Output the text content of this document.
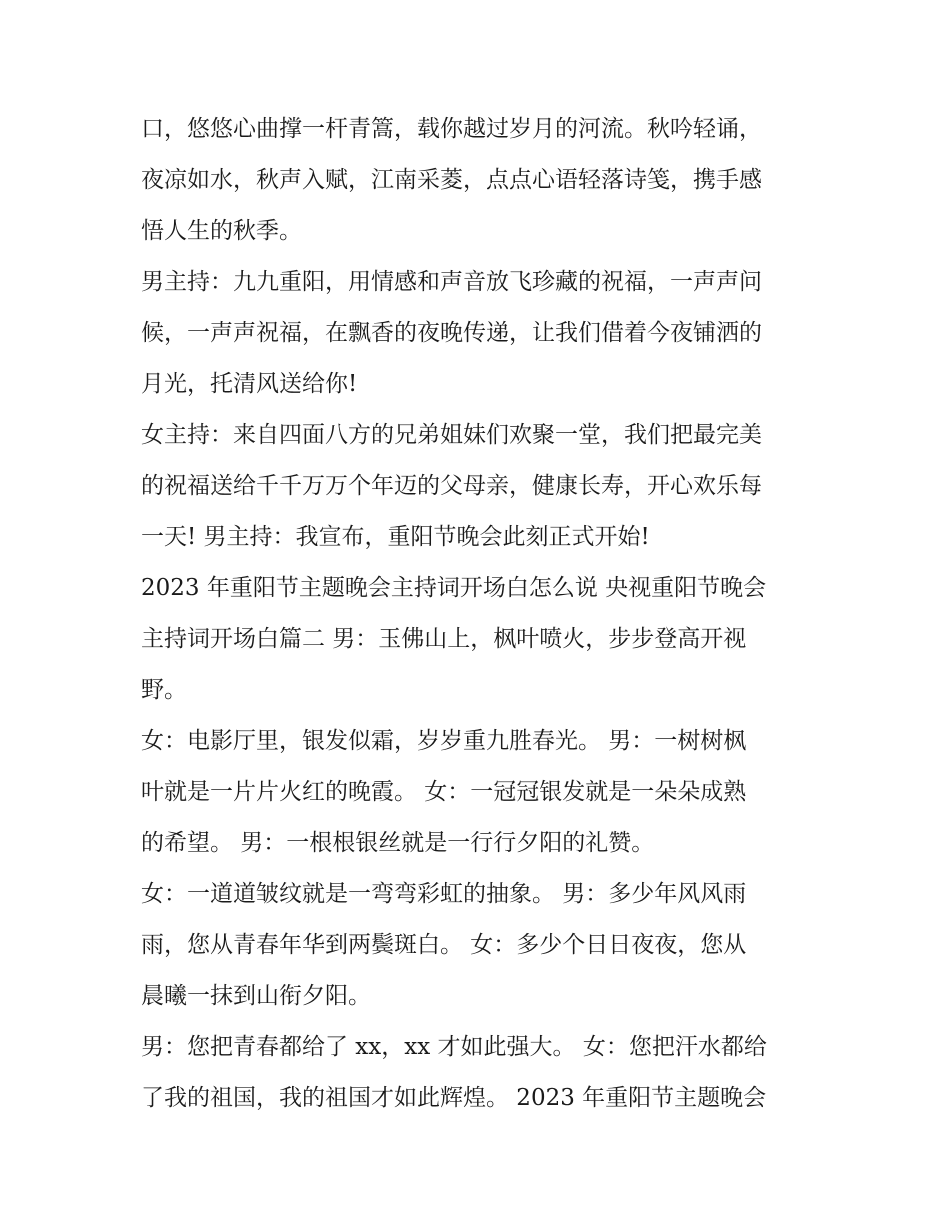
口，悠悠心曲撑一杆青篙，载你越过岁月的河流。秋吟轻诵，
夜凉如水，秋声入赋，江南采菱，点点心语轻落诗笺，携手感
悟人生的秋季。
男主持：九九重阳，用情感和声音放飞珍藏的祝福，一声声问
候，一声声祝福，在飘香的夜晚传递，让我们借着今夜铺洒的
月光，托清风送给你!
女主持：来自四面八方的兄弟姐妹们欢聚一堂，我们把最完美
的祝福送给千千万万个年迈的父母亲，健康长寿，开心欢乐每
一天! 男主持：我宣布，重阳节晚会此刻正式开始!
2023 年重阳节主题晚会主持词开场白怎么说 央视重阳节晚会
主持词开场白篇二 男：玉佛山上，枫叶喷火，步步登高开视
野。
女：电影厅里，银发似霜，岁岁重九胜春光。 男：一树树枫
叶就是一片片火红的晚霞。 女：一冠冠银发就是一朵朵成熟
的希望。 男：一根根银丝就是一行行夕阳的礼赞。
女：一道道皱纹就是一弯弯彩虹的抽象。 男：多少年风风雨
雨，您从青春年华到两鬓斑白。 女：多少个日日夜夜，您从
晨曦一抹到山衔夕阳。
男：您把青春都给了 xx，xx 才如此强大。 女：您把汗水都给
了我的祖国，我的祖国才如此辉煌。 2023 年重阳节主题晚会
